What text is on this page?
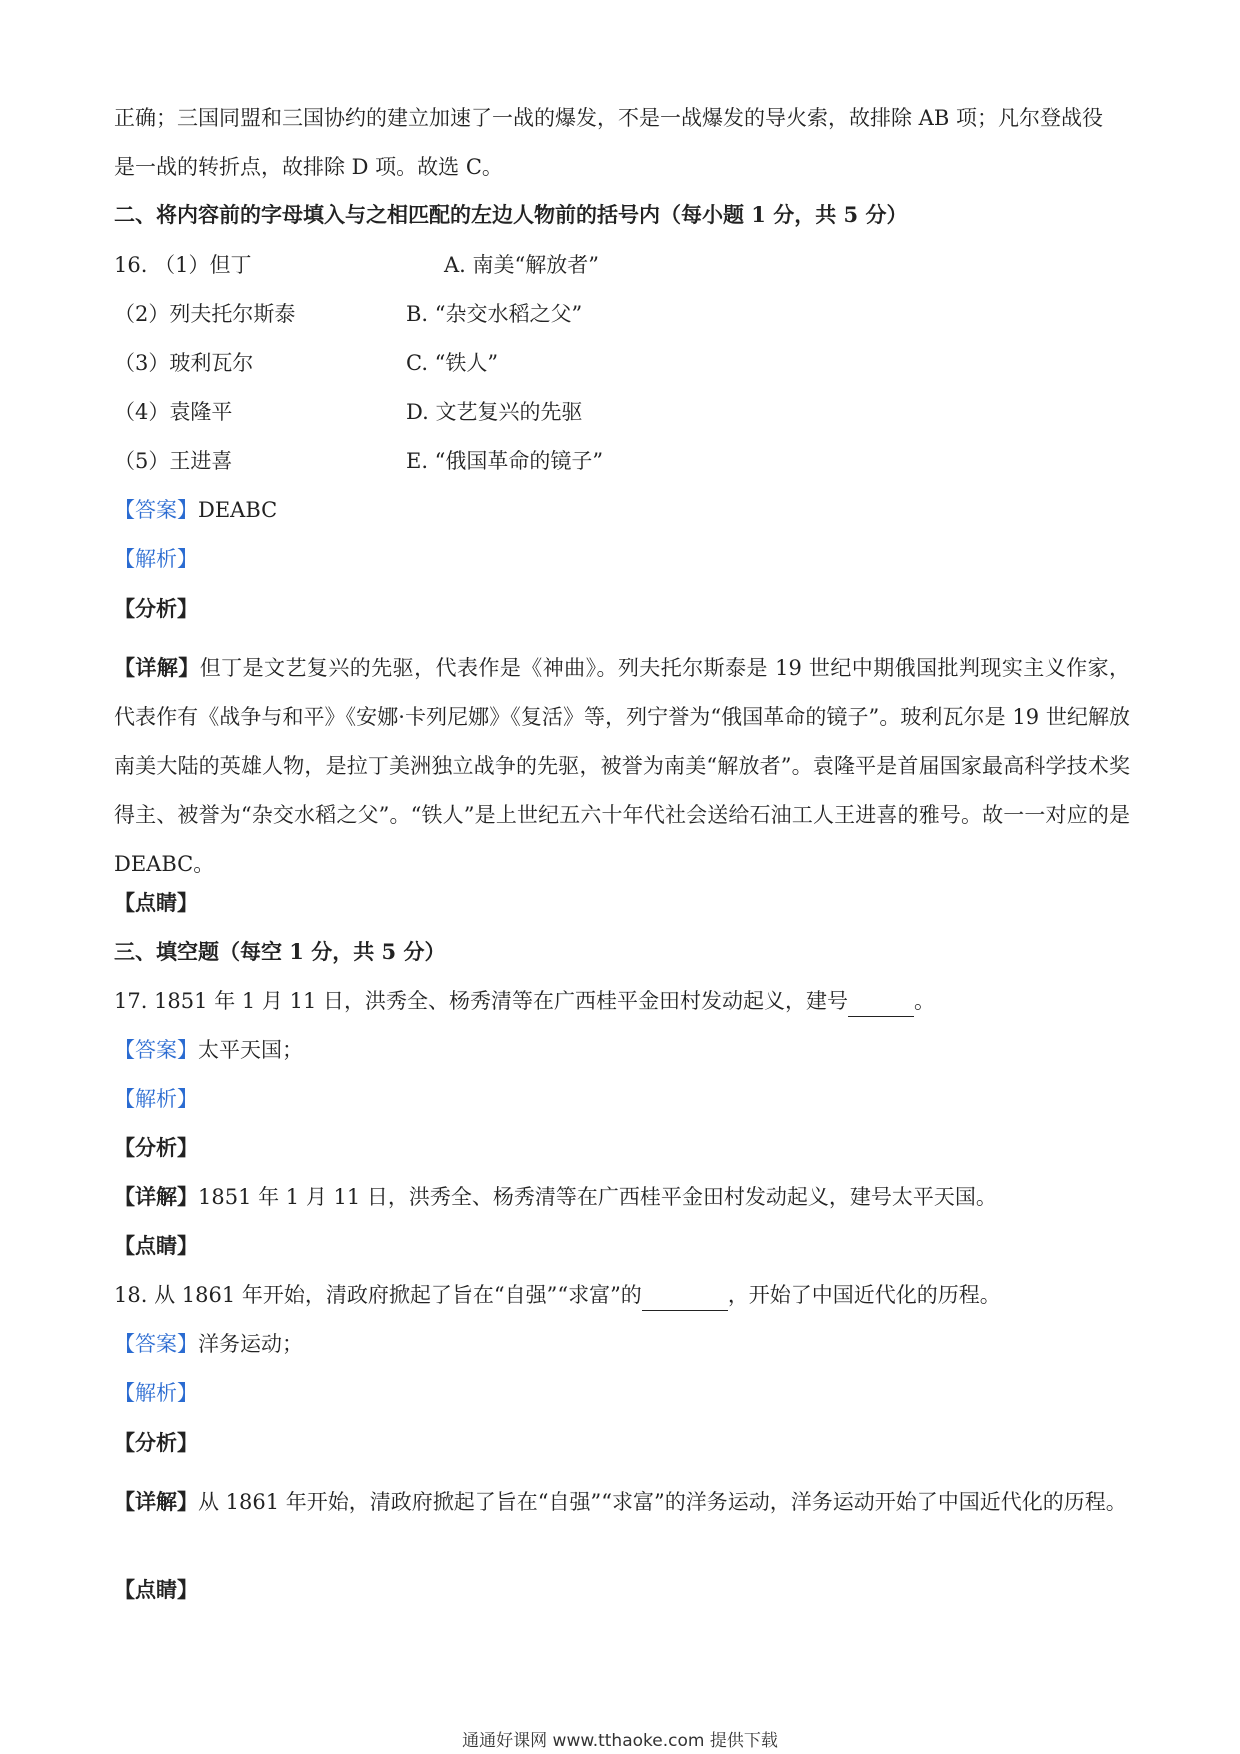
正确；三国同盟和三国协约的建立加速了一战的爆发，不是一战爆发的导火索，故排除 AB 项；凡尔登战役
是一战的转折点，故排除 D 项。故选 C。
二、将内容前的字母填入与之相匹配的左边人物前的括号内（每小题 1 分，共 5 分）
16. （1）但丁	A. 南美“解放者”
（2）列夫托尔斯泰	B. “杂交水稻之父”
（3）玻利瓦尔	C. “铁人”
（4）袁隆平	D. 文艺复兴的先驱
（5）王进喜	E. “俄国革命的镜子”
【答案】DEABC
【解析】
【分析】
【详解】但丁是文艺复兴的先驱，代表作是《神曲》。列夫托尔斯泰是 19 世纪中期俄国批判现实主义作家，代表作有《战争与和平》《安娜·卡列尼娜》《复活》等，列宁誉为“俄国革命的镜子”。玻利瓦尔是 19 世纪解放南美大陆的英雄人物，是拉丁美洲独立战争的先驱，被誉为南美“解放者”。袁隆平是首届国家最高科学技术奖得主、被誉为“杂交水稻之父”。“铁人”是上世纪五六十年代社会送给石油工人王进喜的雅号。故一一对应的是 DEABC。
【点睛】
三、填空题（每空 1 分，共 5 分）
17. 1851 年 1 月 11 日，洪秀全、杨秀清等在广西桂平金田村发动起义，建号	。
【答案】太平天国；
【解析】
【分析】
【详解】1851 年 1 月 11 日，洪秀全、杨秀清等在广西桂平金田村发动起义，建号太平天国。
【点睛】
18. 从 1861 年开始，清政府掀起了旨在“自强”“求富”的	，开始了中国近代化的历程。
【答案】洋务运动；
【解析】
【分析】
【详解】从 1861 年开始，清政府掀起了旨在“自强”“求富”的洋务运动，洋务运动开始了中国近代化的历程。
【点睛】
通通好课网 www.tthaoke.com 提供下载
